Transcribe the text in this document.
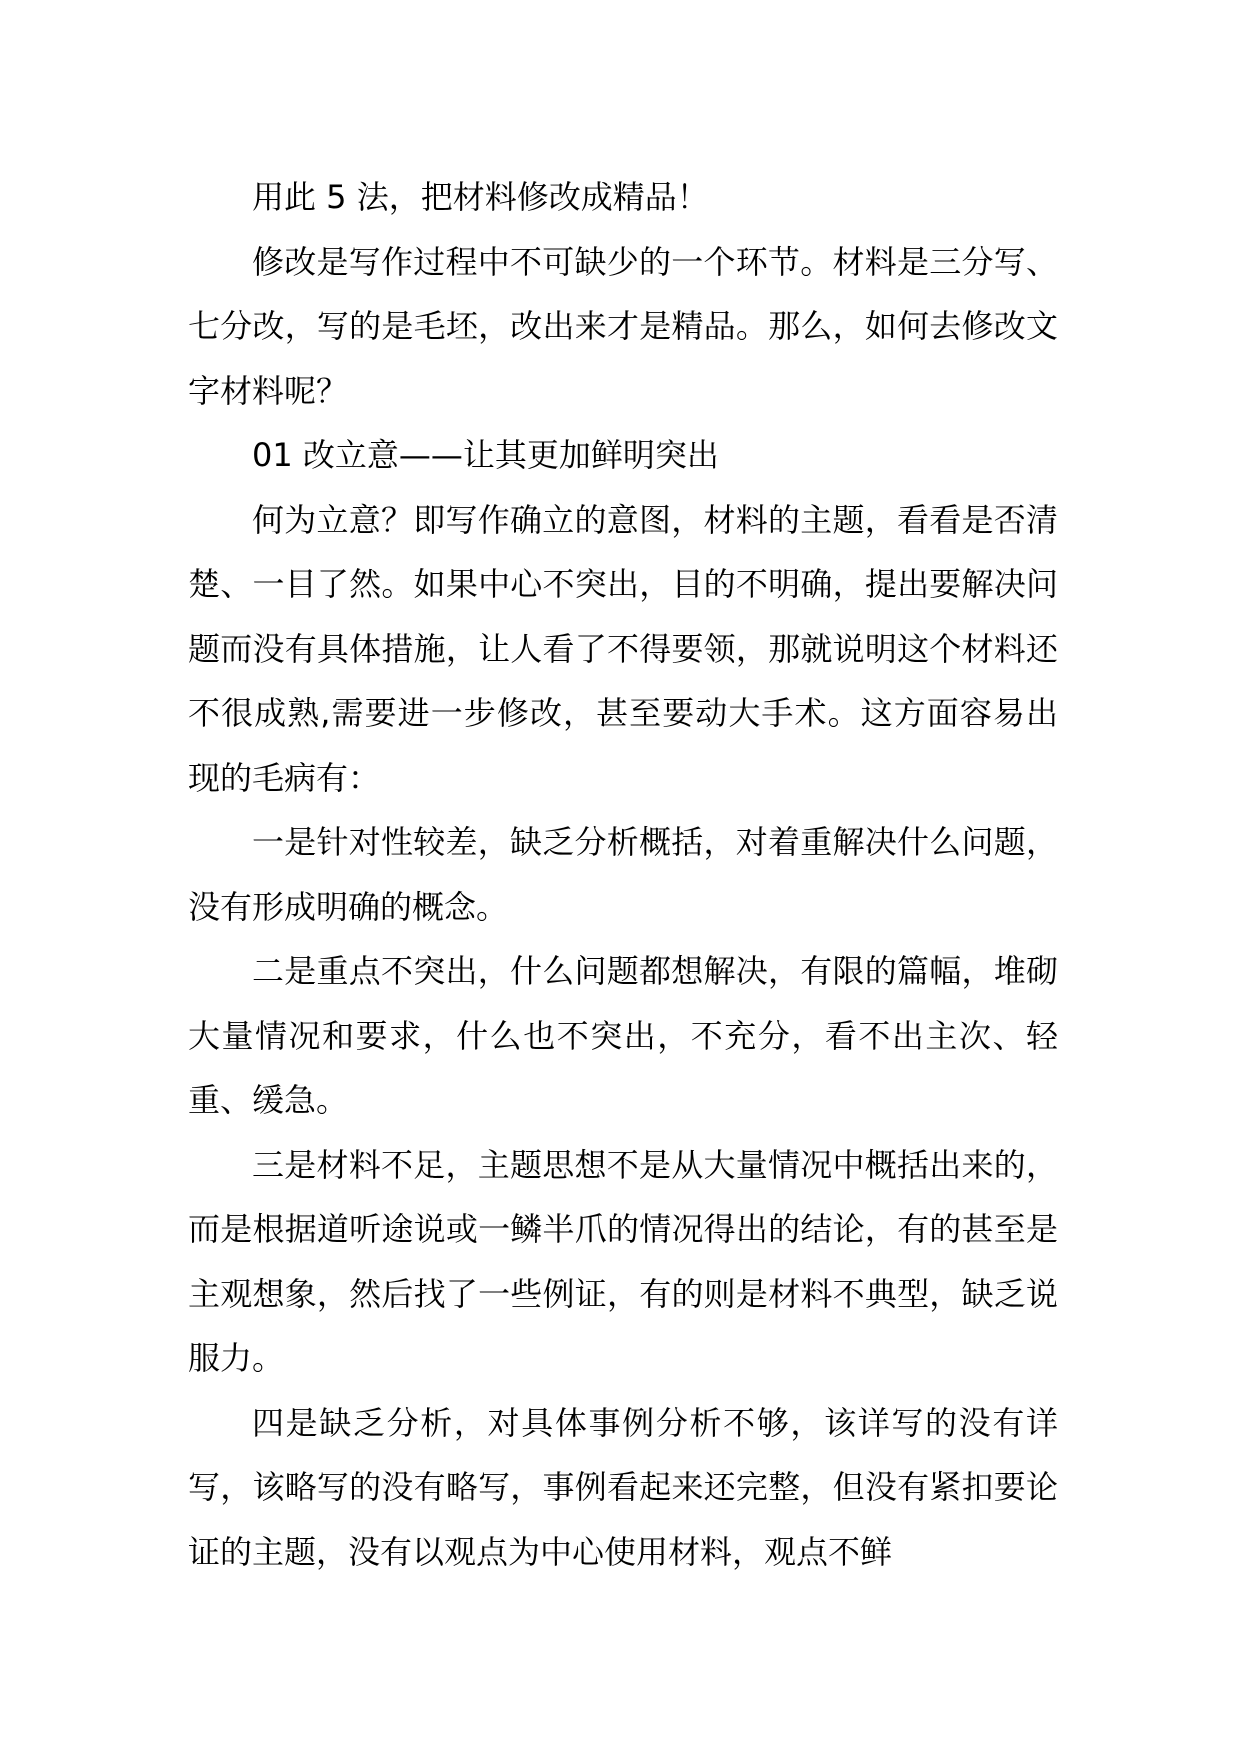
用此 5 法，把材料修改成精品！

修改是写作过程中不可缺少的一个环节。材料是三分写、七分改，写的是毛坯，改出来才是精品。那么，如何去修改文字材料呢？

01 改立意——让其更加鲜明突出

何为立意？即写作确立的意图，材料的主题，看看是否清楚、一目了然。如果中心不突出，目的不明确，提出要解决问题而没有具体措施，让人看了不得要领，那就说明这个材料还不很成熟,需要进一步修改，甚至要动大手术。这方面容易出现的毛病有：

一是针对性较差，缺乏分析概括，对着重解决什么问题，没有形成明确的概念。

二是重点不突出，什么问题都想解决，有限的篇幅，堆砌大量情况和要求，什么也不突出，不充分，看不出主次、轻重、缓急。

三是材料不足，主题思想不是从大量情况中概括出来的，而是根据道听途说或一鳞半爪的情况得出的结论，有的甚至是主观想象，然后找了一些例证，有的则是材料不典型，缺乏说服力。

四是缺乏分析，对具体事例分析不够，该详写的没有详写，该略写的没有略写，事例看起来还完整，但没有紧扣要论证的主题，没有以观点为中心使用材料，观点不鲜
